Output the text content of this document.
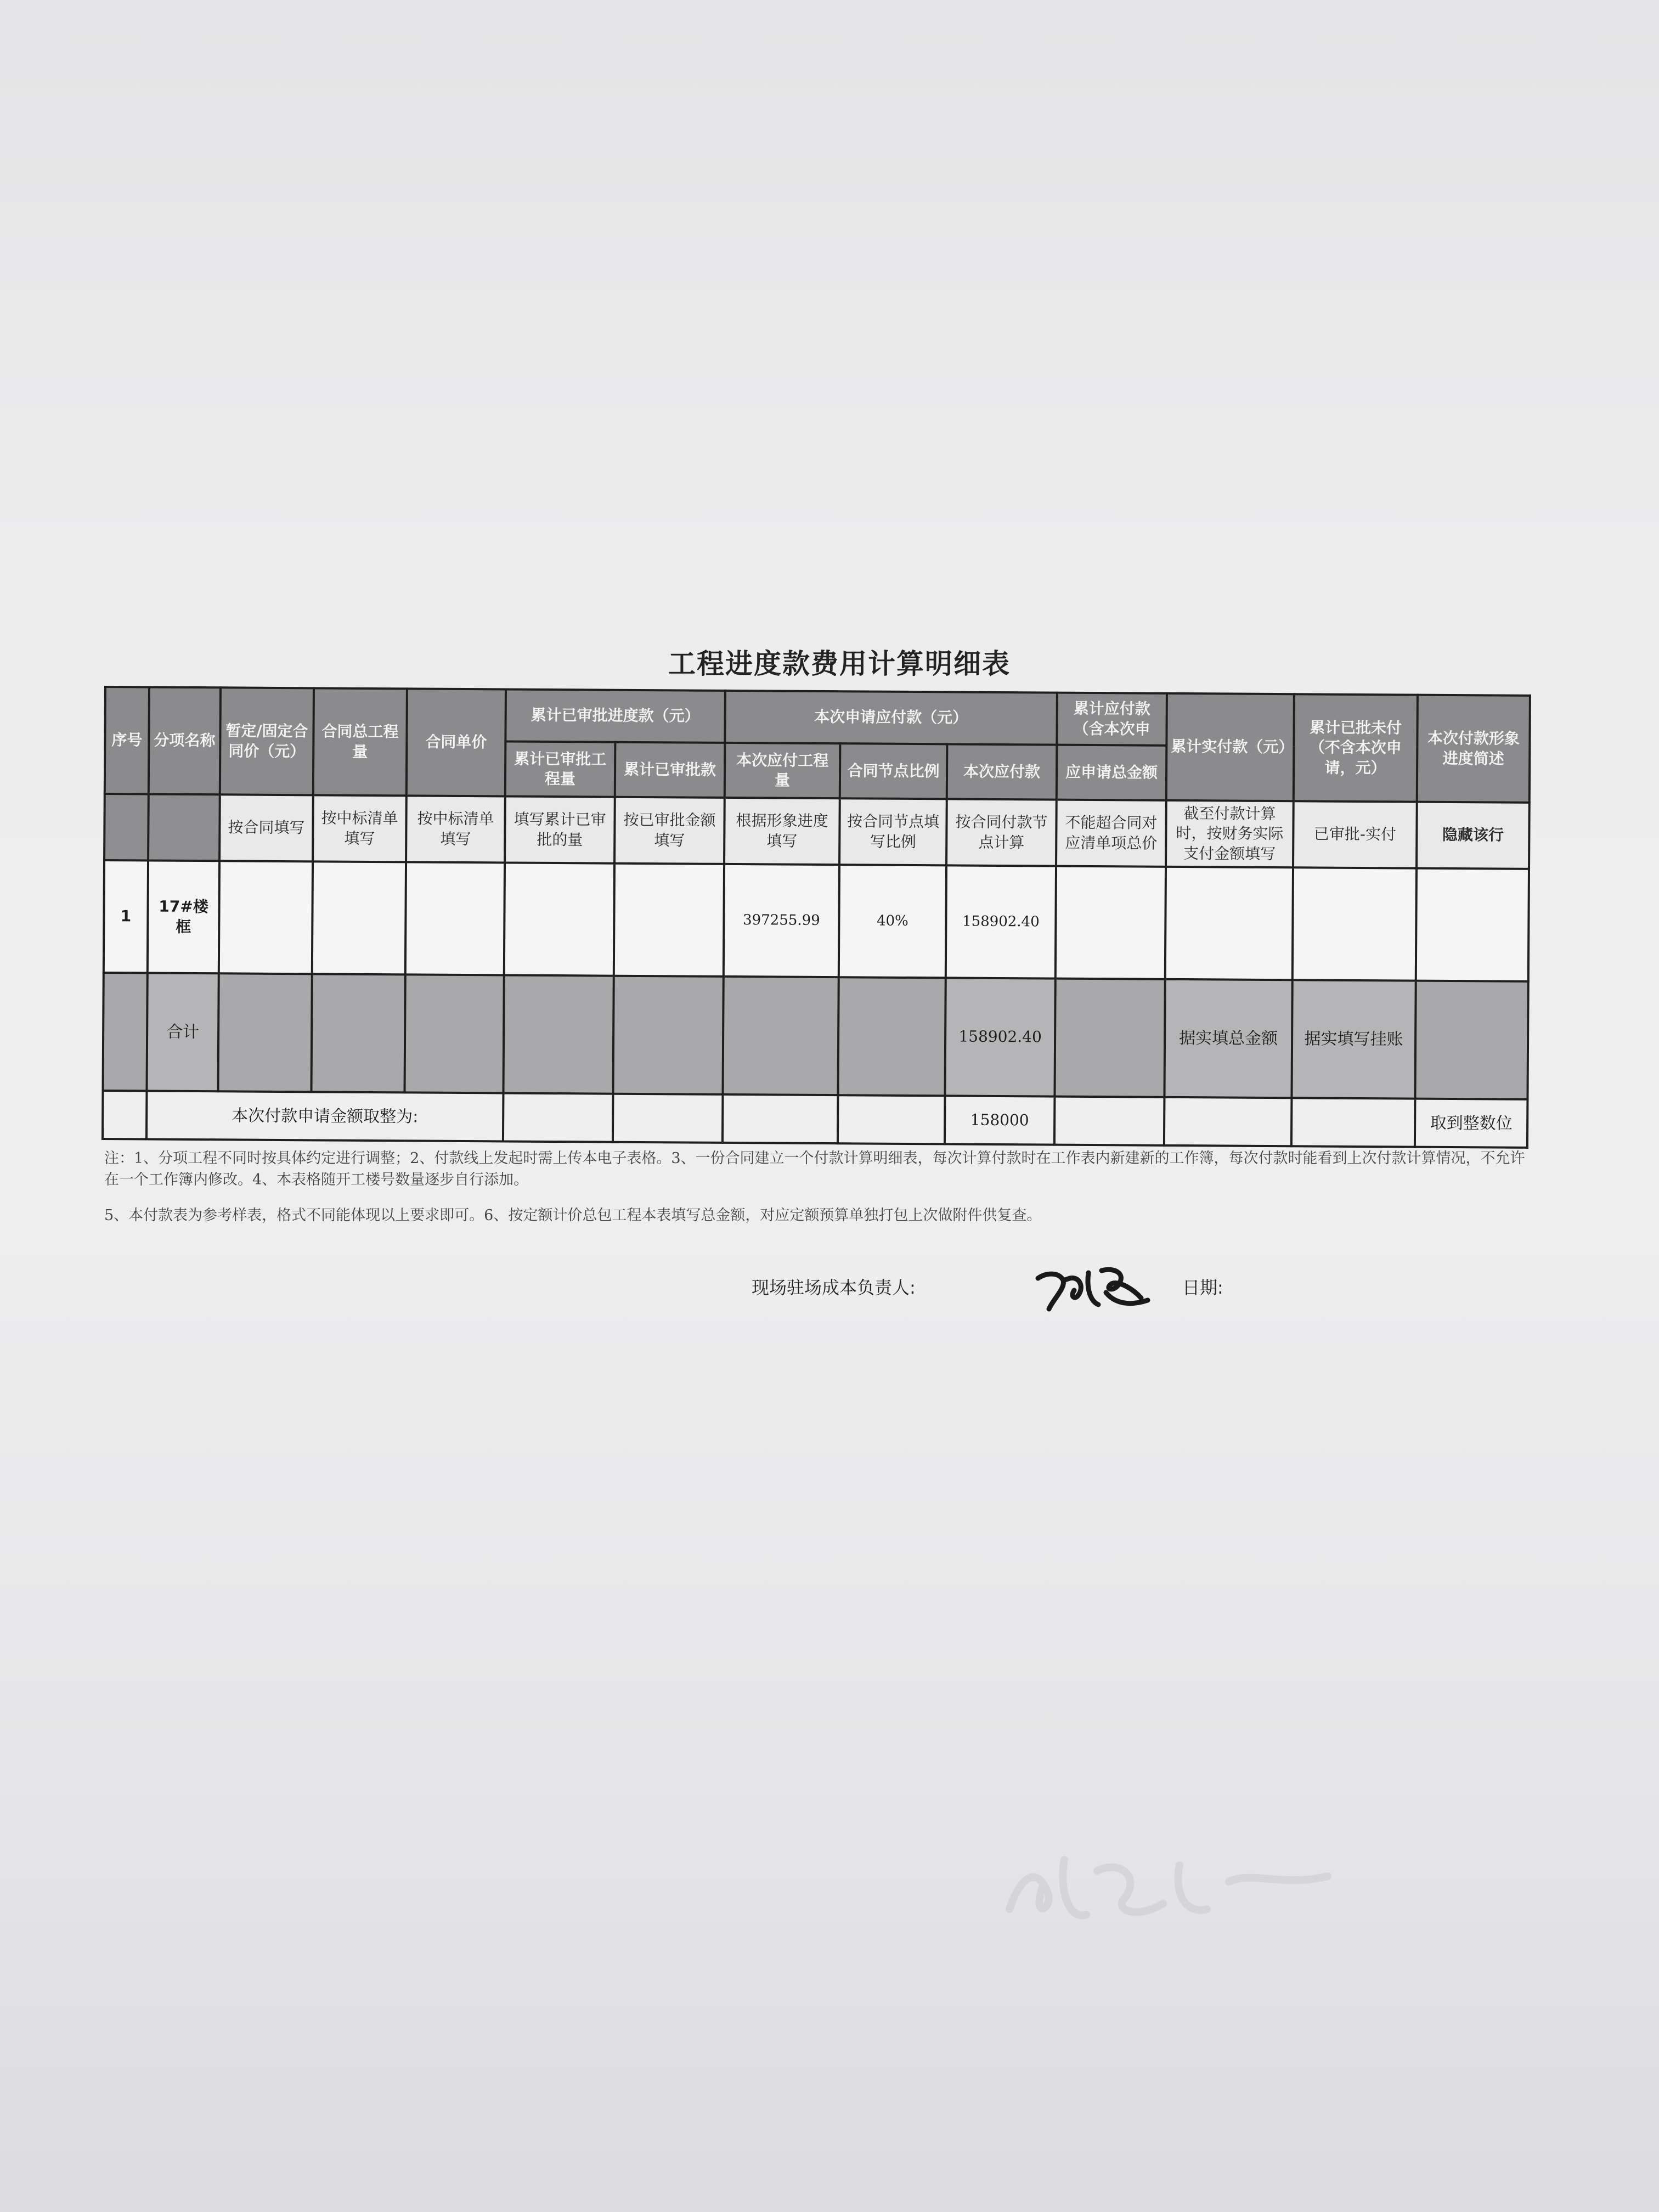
工程进度款费用计算明细表
序号	分项名称	暂定/固定合同价（元）	合同总工程量	合同单价	累计已审批进度款（元）		本次申请应付款（元）			累计应付款（含本次申	累计实付款（元）	累计已批未付（不含本次申请，元）	本次付款形象进度简述
					累计已审批工程量	累计已审批款	本次应付工程量	合同节点比例	本次应付款	应申请总金额			
		按合同填写	按中标清单填写	按中标清单填写	填写累计已审批的量	按已审批金额填写	根据形象进度填写	按合同节点填写比例	按合同付款节点计算	不能超合同对应清单项总价	截至付款计算时，按财务实际支付金额填写	已审批-实付	隐藏该行
1	17#楼框						397255.99	40%	158902.40				
	合计								158902.40		据实填总金额	据实填写挂账	
	本次付款申请金额取整为:								158000				取到整数位

注：1、分项工程不同时按具体约定进行调整；2、付款线上发起时需上传本电子表格。3、一份合同建立一个付款计算明细表，每次计算付款时在工作表内新建新的工作簿，每次付款时能看到上次付款计算情况，不允许在一个工作簿内修改。4、本表格随开工楼号数量逐步自行添加。

5、本付款表为参考样表，格式不同能体现以上要求即可。6、按定额计价总包工程本表填写总金额，对应定额预算单独打包上次做附件供复查。

现场驻场成本负责人:	日期:
